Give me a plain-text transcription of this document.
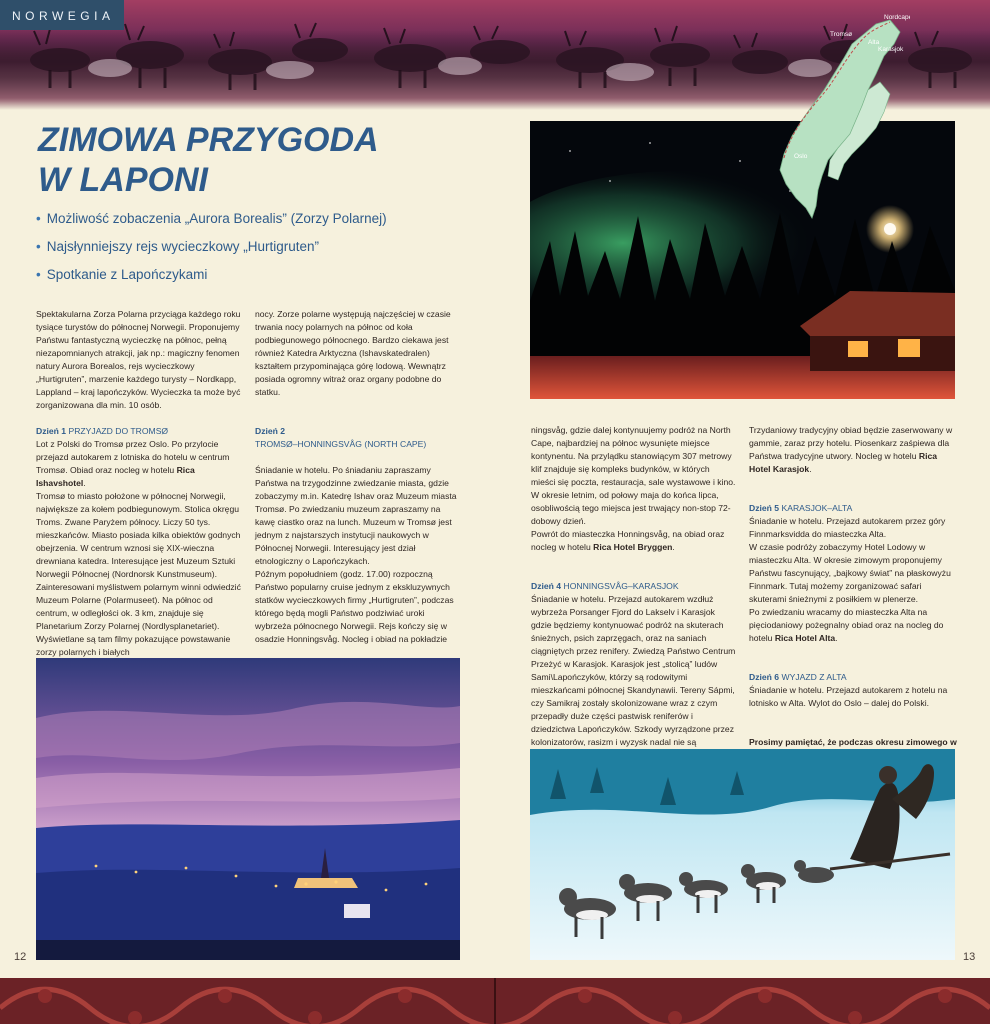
NORWEGIA
ZIMOWA PRZYGODA
W LAPONI
• Możliwość zobaczenia „Aurora Borealis” (Zorzy Polarnej)
• Najsłynniejszy rejs wycieczkowy „Hurtigruten”
• Spotkanie z Lapończykami

Spektakularna Zorza Polarna przyciąga każdego roku tysiące turystów do północnej Norwegii. Proponujemy Państwu fantastyczną wycieczkę na północ, pełną niezapomnianych atrakcji, jak np.: magiczny fenomen natury Aurora Borealos, rejs wycieczkowy „Hurtigruten”, marzenie każdego turysty – Nordkapp, Lappland – kraj lapończyków. Wycieczka ta może być zorganizowana dla min. 10 osób.

Dzień 1 PRZYJAZD DO TROMSØ
Lot z Polski do Tromsø przez Oslo. Po przylocie przejazd autokarem z lotniska do hotelu w centrum Tromsø. Obiad oraz nocleg w hotelu Rica Ishavshotel.
Tromsø to miasto położone w północnej Norwegii, największe za kołem podbiegunowym. Stolica okręgu Troms. Zwane Paryżem północy. Liczy 50 tys. mieszkańców. Miasto posiada kilka obiektów godnych obejrzenia. W centrum wznosi się XIX-wieczna drewniana katedra. Interesujące jest Muzeum Sztuki Norwegii Północnej (Nordnorsk Kunstmuseum). Zainteresowani myślistwem polarnym winni odwiedzić Muzeum Polarne (Polarmuseet). Na północ od centrum, w odległości ok. 3 km, znajduje się Planetarium Zorzy Polarnej (Nordlysplanetariet). Wyświetlane są tam filmy pokazujące powstawanie zorzy polarnych i białych

nocy. Zorze polarne występują najczęściej w czasie trwania nocy polarnych na północ od koła podbiegunowego północnego. Bardzo ciekawa jest również Katedra Arktyczna (Ishavskatedralen) kształtem przypominająca górę lodową. Wewnątrz posiada ogromny witraż oraz organy podobne do statku.

Dzień 2
TROMSØ–HONNINGSVÅG (NORTH CAPE)

Śniadanie w hotelu. Po śniadaniu zapraszamy Państwa na trzygodzinne zwiedzanie miasta, gdzie zobaczymy m.in. Katedrę Ishav oraz Muzeum miasta Tromsø. Po zwiedzaniu muzeum zapraszamy na kawę ciastko oraz na lunch. Muzeum w Tromsø jest jednym z najstarszych instytucji naukowych w Północnej Norwegii. Interesujący jest dział etnologiczny o Lapończykach.
Późnym popołudniem (godz. 17.00) rozpoczną Państwo popularny cruise jednym z ekskluzywnych statków wycieczkowych firmy „Hurtigruten”, podczas którego będą mogli Państwo podziwiać uroki wybrzeża północnego Norwegii. Rejs kończy się w osadzie Honningsvåg. Nocleg i obiad na pokładzie

ningsvåg, gdzie dalej kontynuujemy podróż na North Cape, najbardziej na północ wysunięte miejsce kontynentu. Na przylądku stanowiącym 307 metrowy klif znajduje się kompleks budynków, w których mieści się poczta, restauracja, sale wystawowe i kino.
W okresie letnim, od połowy maja do końca lipca, osobliwością tego miejsca jest trwający non-stop 72-dobowy dzień.
Powrót do miasteczka Honningsvåg, na obiad oraz nocleg w hotelu Rica Hotel Bryggen.

Dzień 4 HONNINGSVÅG–KARASJOK
Śniadanie w hotelu. Przejazd autokarem wzdłuż wybrzeża Porsanger Fjord do Lakselv i Karasjok gdzie będziemy kontynuować podróż na skuterach śnieżnych, psich zaprzęgach, oraz na saniach ciągniętych przez renifery. Zwiedzą Państwo Centrum Przeżyć w Karasjok. Karasjok jest „stolicą” ludów Sami\Lapończyków, którzy są rodowitymi mieszkańcami północnej Skandynawii. Tereny Sápmi, czy Samikraj zostały skolonizowane wraz z czym przepadły duże części pastwisk reniferów i dziedzictwa Lapończyków. Szkody wyrządzone przez kolonizatorów, rasizm i wyzysk nadal nie są

Trzydaniowy tradycyjny obiad będzie zaserwowany w gammie, zaraz przy hotelu. Piosenkarz zaśpiewa dla Państwa tradycyjne utwory. Nocleg w hotelu Rica Hotel Karasjok.

Dzień 5 KARASJOK–ALTA
Śniadanie w hotelu. Przejazd autokarem przez góry Finnmarksvidda do miasteczka Alta.
W czasie podróży zobaczymy Hotel Lodowy w miasteczku Alta. W okresie zimowym proponujemy Państwu fascynujący, „bajkowy świat” na płaskowyżu Finnmark. Tutaj możemy zorganizować safari skuterami śnieżnymi z posiłkiem w plenerze.
Po zwiedzaniu wracamy do miasteczka Alta na pięciodaniowy pożegnalny obiad oraz na nocleg do hotelu Rica Hotel Alta.

Dzień 6 WYJAZD Z ALTA
Śniadanie w hotelu. Przejazd autokarem z hotelu na lotnisko w Alta. Wylot do Oslo – dalej do Polski.

Prosimy pamiętać, że podczas okresu zimowego w

Nordcape
Tromsø
Alta
Karasjok
Oslo
12	13
